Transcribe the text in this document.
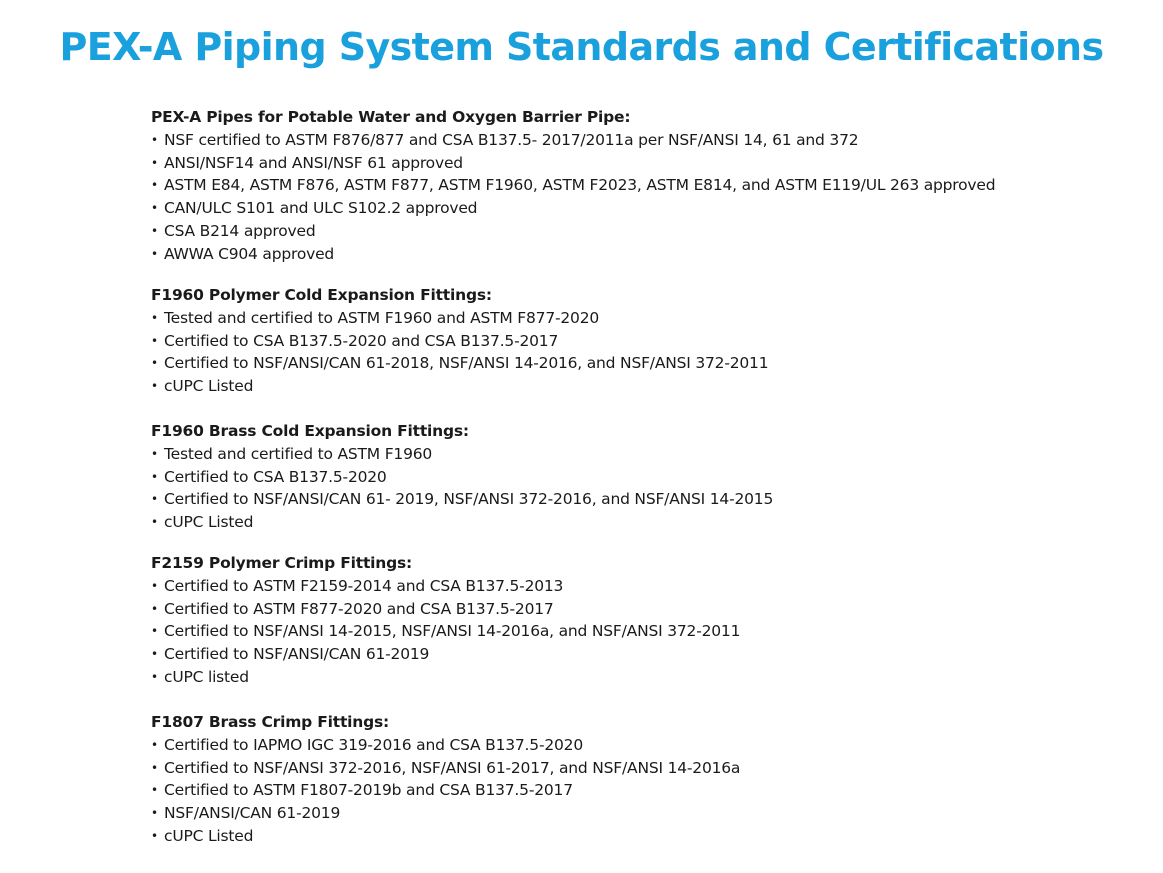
PEX-A Piping System Standards and Certifications
PEX-A Pipes for Potable Water and Oxygen Barrier Pipe:
• NSF certified to ASTM F876/877 and CSA B137.5- 2017/2011a per NSF/ANSI 14, 61 and 372
• ANSI/NSF14 and ANSI/NSF 61 approved
• ASTM E84, ASTM F876, ASTM F877, ASTM F1960, ASTM F2023, ASTM E814, and ASTM E119/UL 263 approved
• CAN/ULC S101 and ULC S102.2 approved
• CSA B214 approved
• AWWA C904 approved
F1960 Polymer Cold Expansion Fittings:
• Tested and certified to ASTM F1960 and ASTM F877-2020
• Certified to CSA B137.5-2020 and CSA B137.5-2017
• Certified to NSF/ANSI/CAN 61-2018, NSF/ANSI 14-2016, and NSF/ANSI 372-2011
• cUPC Listed
F1960 Brass Cold Expansion Fittings:
• Tested and certified to ASTM F1960
• Certified to CSA B137.5-2020
• Certified to NSF/ANSI/CAN 61- 2019, NSF/ANSI 372-2016, and NSF/ANSI 14-2015
• cUPC Listed
F2159 Polymer Crimp Fittings:
• Certified to ASTM F2159-2014 and CSA B137.5-2013
• Certified to ASTM F877-2020 and CSA B137.5-2017
• Certified to NSF/ANSI 14-2015, NSF/ANSI 14-2016a, and NSF/ANSI 372-2011
• Certified to NSF/ANSI/CAN 61-2019
• cUPC listed
F1807 Brass Crimp Fittings:
• Certified to IAPMO IGC 319-2016 and CSA B137.5-2020
• Certified to NSF/ANSI 372-2016, NSF/ANSI 61-2017, and NSF/ANSI 14-2016a
• Certified to ASTM F1807-2019b and CSA B137.5-2017
• NSF/ANSI/CAN 61-2019
• cUPC Listed
